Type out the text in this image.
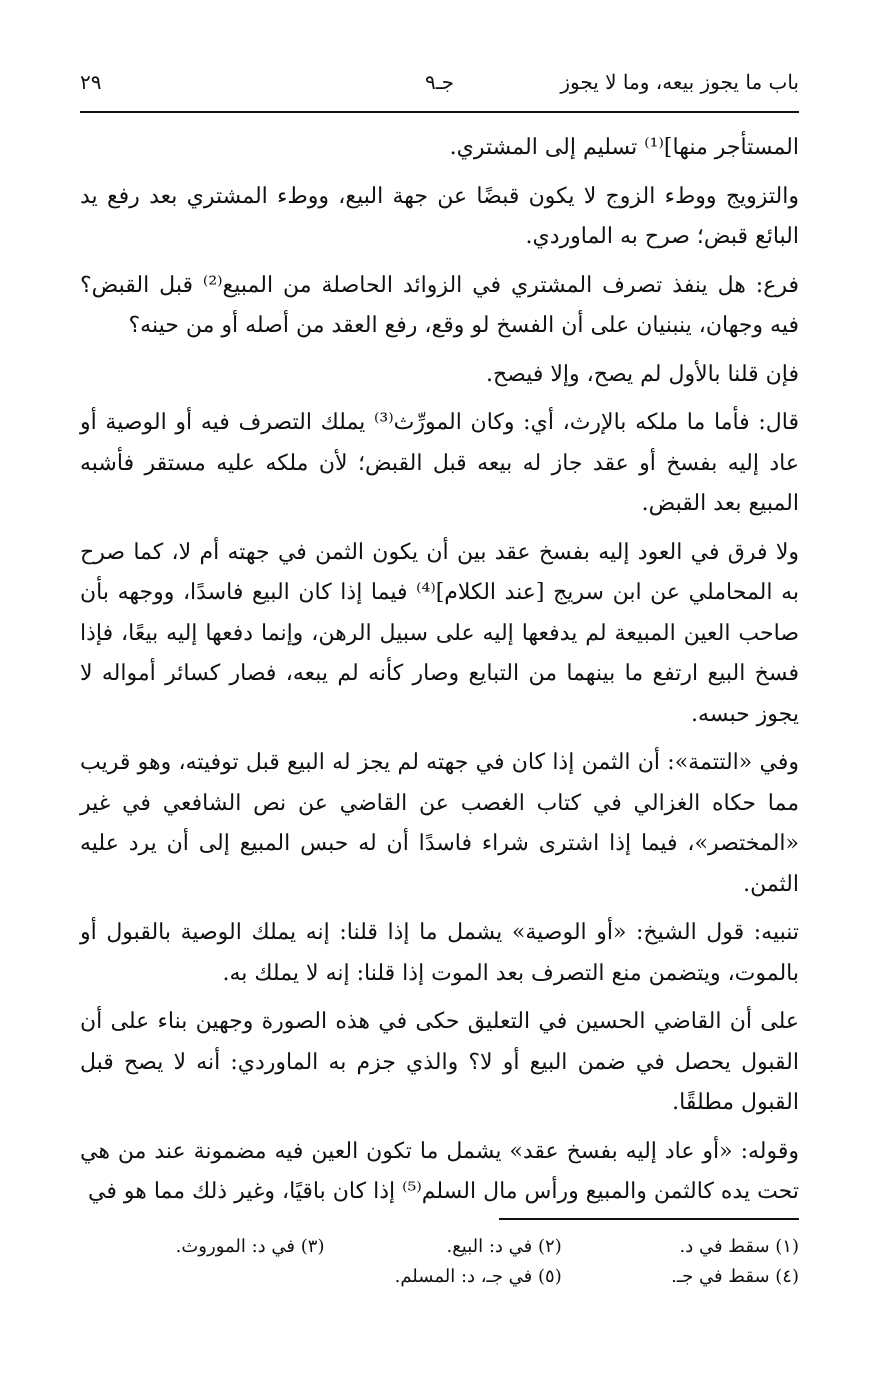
باب ما يجوز بيعه، وما لا يجوز
جـ٩
٢٩

المستأجر منها]⁽¹⁾ تسليم إلى المشتري.

والتزويج ووطء الزوج لا يكون قبضًا عن جهة البيع، ووطء المشتري بعد رفع يد البائع قبض؛ صرح به الماوردي.

فرع: هل ينفذ تصرف المشتري في الزوائد الحاصلة من المبيع⁽²⁾ قبل القبض؟ فيه وجهان، ينبنيان على أن الفسخ لو وقع، رفع العقد من أصله أو من حينه؟

فإن قلنا بالأول لم يصح، وإلا فيصح.

قال: فأما ما ملكه بالإرث، أي: وكان المورِّث⁽³⁾ يملك التصرف فيه أو الوصية أو عاد إليه بفسخ أو عقد جاز له بيعه قبل القبض؛ لأن ملكه عليه مستقر فأشبه المبيع بعد القبض.

ولا فرق في العود إليه بفسخ عقد بين أن يكون الثمن في جهته أم لا، كما صرح به المحاملي عن ابن سريج [عند الكلام]⁽⁴⁾ فيما إذا كان البيع فاسدًا، ووجهه بأن صاحب العين المبيعة لم يدفعها إليه على سبيل الرهن، وإنما دفعها إليه بيعًا، فإذا فسخ البيع ارتفع ما بينهما من التبايع وصار كأنه لم يبعه، فصار كسائر أمواله لا يجوز حبسه.

وفي «التتمة»: أن الثمن إذا كان في جهته لم يجز له البيع قبل توفيته، وهو قريب مما حكاه الغزالي في كتاب الغصب عن القاضي عن نص الشافعي في غير «المختصر»، فيما إذا اشترى شراء فاسدًا أن له حبس المبيع إلى أن يرد عليه الثمن.

تنبيه: قول الشيخ: «أو الوصية» يشمل ما إذا قلنا: إنه يملك الوصية بالقبول أو بالموت، ويتضمن منع التصرف بعد الموت إذا قلنا: إنه لا يملك به.

على أن القاضي الحسين في التعليق حكى في هذه الصورة وجهين بناء على أن القبول يحصل في ضمن البيع أو لا؟ والذي جزم به الماوردي: أنه لا يصح قبل القبول مطلقًا.

وقوله: «أو عاد إليه بفسخ عقد» يشمل ما تكون العين فيه مضمونة عند من هي تحت يده كالثمن والمبيع ورأس مال السلم⁽⁵⁾ إذا كان باقيًا، وغير ذلك مما هو في

(١) سقط في د.
(٢) في د: البيع.
(٣) في د: الموروث.
(٤) سقط في جـ.
(٥) في جـ، د: المسلم.
